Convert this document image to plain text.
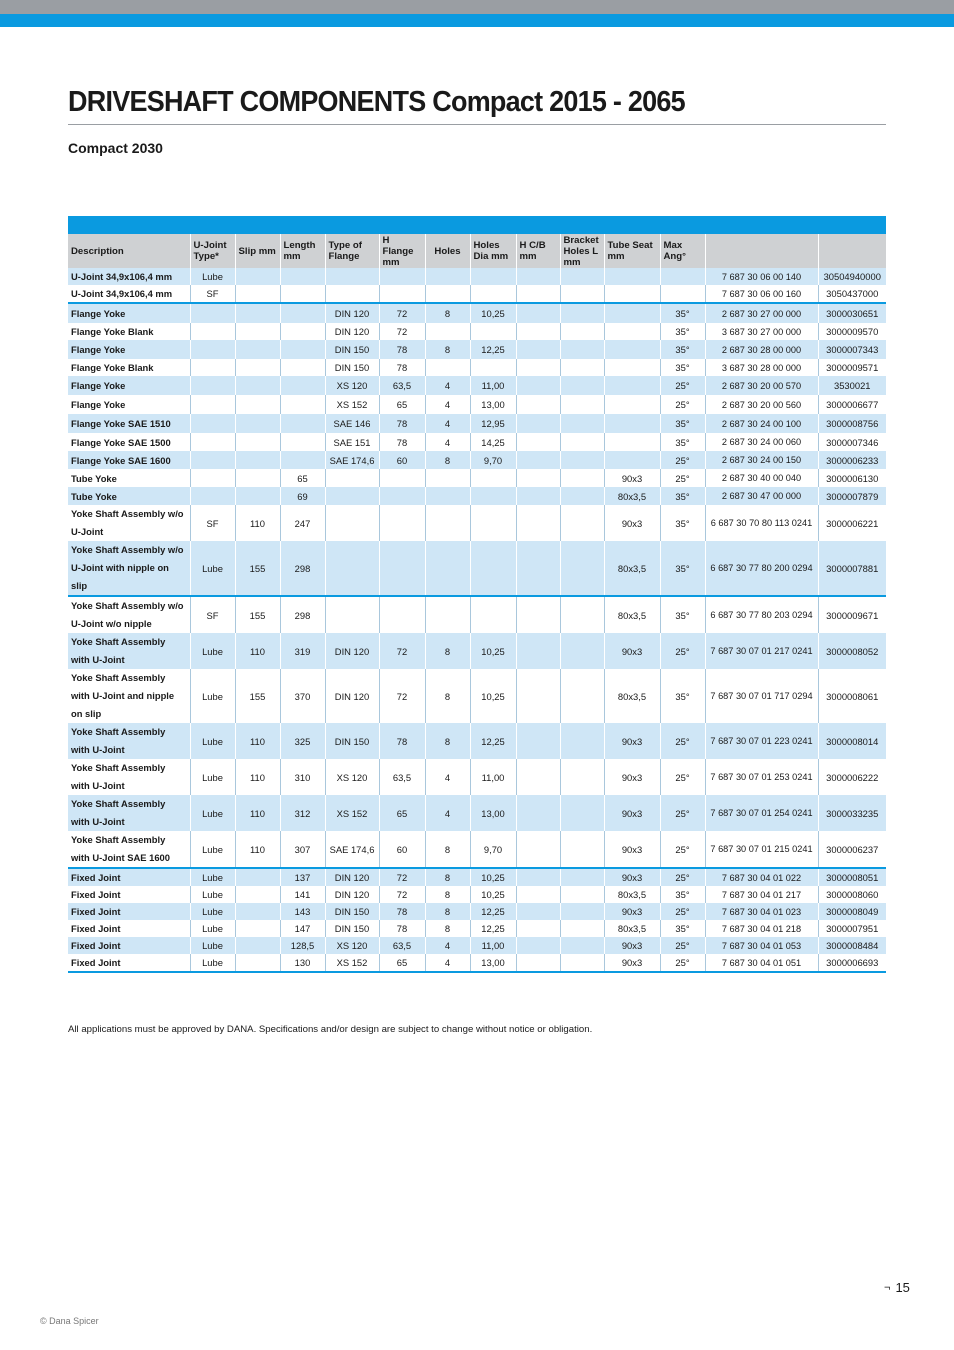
DRIVESHAFT COMPONENTS Compact 2015 - 2065
Compact 2030
Description	U-Joint Type*	Slip mm	Length mm	Type of Flange	H Flange mm	Holes	Holes Dia mm	H C/B mm	Bracket Holes L mm	Tube Seat mm	Max Ang°		
U-Joint 34,9x106,4 mm	Lube											7 687 30 06 00 140	30504940000
U-Joint 34,9x106,4 mm	SF											7 687 30 06 00 160	3050437000
Flange Yoke				DIN 120	72	8	10,25				35°	2 687 30 27 00 000	3000030651
Flange Yoke Blank				DIN 120	72						35°	3 687 30 27 00 000	3000009570
Flange Yoke				DIN 150	78	8	12,25				35°	2 687 30 28 00 000	3000007343
Flange Yoke Blank				DIN 150	78						35°	3 687 30 28 00 000	3000009571
Flange Yoke				XS 120	63,5	4	11,00				25°	2 687 30 20 00 570	3530021
Flange Yoke				XS 152	65	4	13,00				25°	2 687 30 20 00 560	3000006677
Flange Yoke SAE 1510				SAE 146	78	4	12,95				35°	2 687 30 24 00 100	3000008756
Flange Yoke SAE 1500				SAE 151	78	4	14,25				35°	2 687 30 24 00 060	3000007346
Flange Yoke SAE 1600				SAE 174,6	60	8	9,70				25°	2 687 30 24 00 150	3000006233
Tube Yoke			65							90x3	25°	2 687 30 40 00 040	3000006130
Tube Yoke			69							80x3,5	35°	2 687 30 47 00 000	3000007879
Yoke Shaft Assembly w/o U-Joint	SF	110	247							90x3	35°	6 687 30 70 80 113 0241	3000006221
Yoke Shaft Assembly w/o U-Joint with nipple on slip	Lube	155	298							80x3,5	35°	6 687 30 77 80 200 0294	3000007881
Yoke Shaft Assembly w/o U-Joint w/o nipple	SF	155	298							80x3,5	35°	6 687 30 77 80 203 0294	3000009671
Yoke Shaft Assembly with U-Joint	Lube	110	319	DIN 120	72	8	10,25			90x3	25°	7 687 30 07 01 217 0241	3000008052
Yoke Shaft Assembly with U-Joint and nipple on slip	Lube	155	370	DIN 120	72	8	10,25			80x3,5	35°	7 687 30 07 01 717 0294	3000008061
Yoke Shaft Assembly with U-Joint	Lube	110	325	DIN 150	78	8	12,25			90x3	25°	7 687 30 07 01 223 0241	3000008014
Yoke Shaft Assembly with U-Joint	Lube	110	310	XS 120	63,5	4	11,00			90x3	25°	7 687 30 07 01 253 0241	3000006222
Yoke Shaft Assembly with U-Joint	Lube	110	312	XS 152	65	4	13,00			90x3	25°	7 687 30 07 01 254 0241	3000033235
Yoke Shaft Assembly with U-Joint SAE 1600	Lube	110	307	SAE 174,6	60	8	9,70			90x3	25°	7 687 30 07 01 215 0241	3000006237
Fixed Joint	Lube		137	DIN 120	72	8	10,25			90x3	25°	7 687 30 04 01 022	3000008051
Fixed Joint	Lube		141	DIN 120	72	8	10,25			80x3,5	35°	7 687 30 04 01 217	3000008060
Fixed Joint	Lube		143	DIN 150	78	8	12,25			90x3	25°	7 687 30 04 01 023	3000008049
Fixed Joint	Lube		147	DIN 150	78	8	12,25			80x3,5	35°	7 687 30 04 01 218	3000007951
Fixed Joint	Lube		128,5	XS 120	63,5	4	11,00			90x3	25°	7 687 30 04 01 053	3000008484
Fixed Joint	Lube		130	XS 152	65	4	13,00			90x3	25°	7 687 30 04 01 051	3000006693
All applications must be approved by DANA. Specifications and/or design are subject to change without notice or obligation.
¬ 15
© Dana Spicer
